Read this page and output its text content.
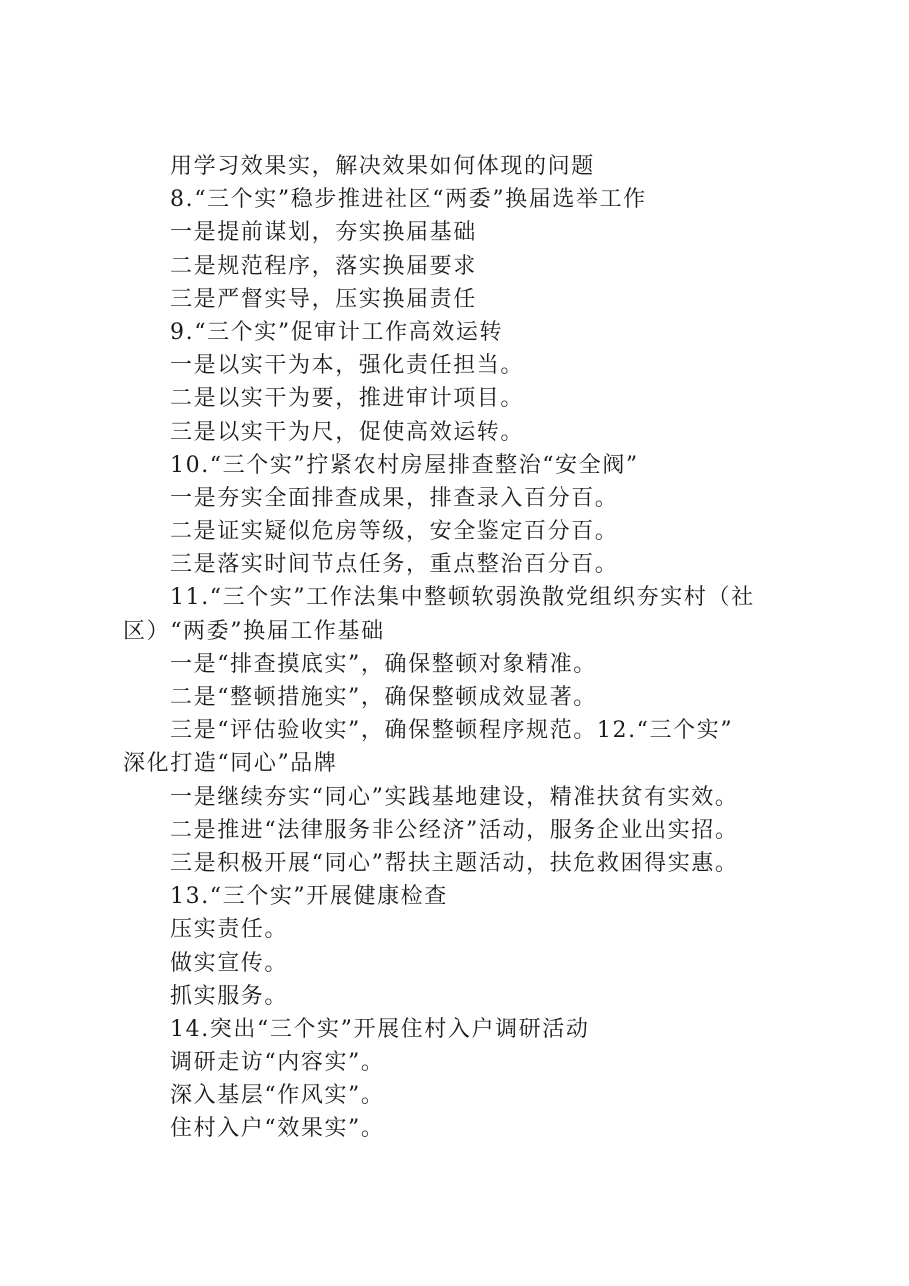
用学习效果实，解决效果如何体现的问题
8.“三个实”稳步推进社区“两委”换届选举工作
一是提前谋划，夯实换届基础
二是规范程序，落实换届要求
三是严督实导，压实换届责任
9.“三个实”促审计工作高效运转
一是以实干为本，强化责任担当。
二是以实干为要，推进审计项目。
三是以实干为尺，促使高效运转。
10.“三个实”拧紧农村房屋排查整治“安全阀”
一是夯实全面排查成果，排查录入百分百。
二是证实疑似危房等级，安全鉴定百分百。
三是落实时间节点任务，重点整治百分百。
11.“三个实”工作法集中整顿软弱涣散党组织夯实村（社
区）“两委”换届工作基础
一是“排查摸底实”，确保整顿对象精准。
二是“整顿措施实”，确保整顿成效显著。
三是“评估验收实”，确保整顿程序规范。12.“三个实”
深化打造“同心”品牌
一是继续夯实“同心”实践基地建设，精准扶贫有实效。
二是推进“法律服务非公经济”活动，服务企业出实招。
三是积极开展“同心”帮扶主题活动，扶危救困得实惠。
13.“三个实”开展健康检查
压实责任。
做实宣传。
抓实服务。
14.突出“三个实”开展住村入户调研活动
调研走访“内容实”。
深入基层“作风实”。
住村入户“效果实”。
